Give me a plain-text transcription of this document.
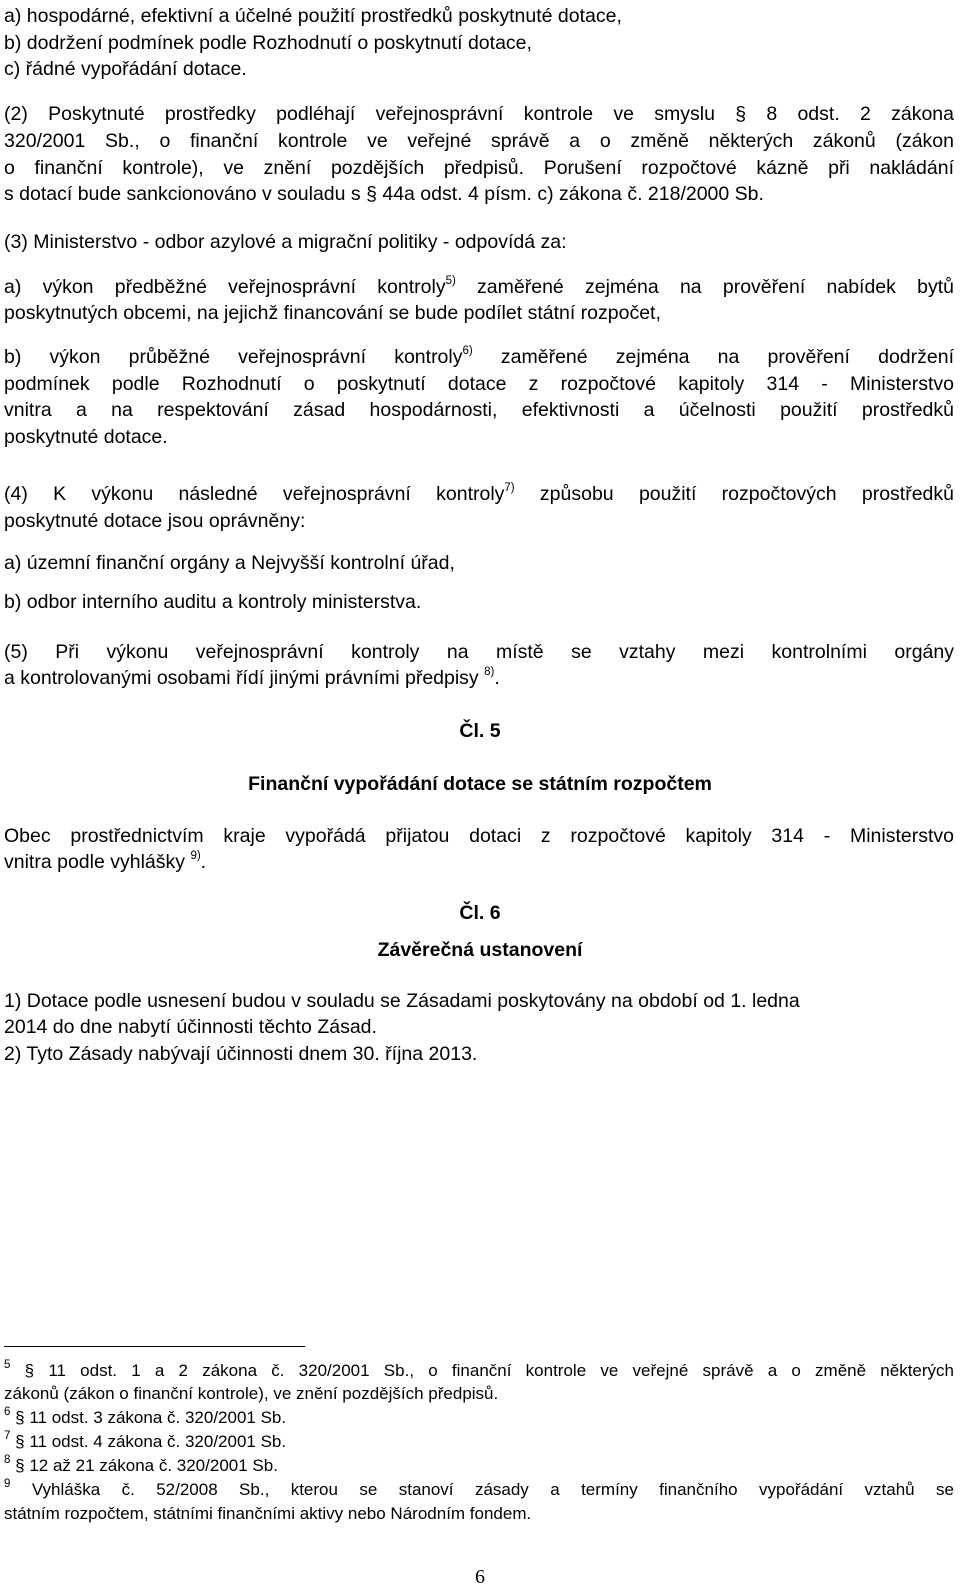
a) hospodárné, efektivní a účelné použití prostředků poskytnuté dotace,
b) dodržení podmínek podle Rozhodnutí o poskytnutí dotace,
c) řádné vypořádání dotace.
(2) Poskytnuté prostředky podléhají veřejnosprávní kontrole ve smyslu § 8 odst. 2 zákona
320/2001 Sb., o finanční kontrole ve veřejné správě a o změně některých zákonů (zákon
o finanční kontrole), ve znění pozdějších předpisů. Porušení rozpočtové kázně při nakládání
s dotací bude sankcionováno v souladu s § 44a odst. 4 písm. c) zákona č. 218/2000 Sb.
(3) Ministerstvo - odbor azylové a migrační politiky - odpovídá za:
a) výkon předběžné veřejnosprávní kontroly$^{5)}$ zaměřené zejména na prověření nabídek bytů
poskytnutých obcemi, na jejichž financování se bude podílet státní rozpočet,
b) výkon průběžné veřejnosprávní kontroly$^{6)}$ zaměřené zejména na prověření dodržení
podmínek podle Rozhodnutí o poskytnutí dotace z rozpočtové kapitoly 314 - Ministerstvo
vnitra a na respektování zásad hospodárnosti, efektivnosti a účelnosti použití prostředků
poskytnuté dotace.
(4) K výkonu následné veřejnosprávní kontroly$^{7)}$ způsobu použití rozpočtových prostředků
poskytnuté dotace jsou oprávněny:
a) územní finanční orgány a Nejvyšší kontrolní úřad,
b) odbor interního auditu a kontroly ministerstva.
(5) Při výkonu veřejnosprávní kontroly na místě se vztahy mezi kontrolními orgány
a kontrolovanými osobami řídí jinými právními předpisy $^{8)}$.
Čl. 5
Finanční vypořádání dotace se státním rozpočtem
Obec prostřednictvím kraje vypořádá přijatou dotaci z rozpočtové kapitoly 314 - Ministerstvo
vnitra podle vyhlášky $^{9)}$.
Čl. 6
Závěrečná ustanovení
1) Dotace podle usnesení budou v souladu se Zásadami poskytovány na období od 1. ledna
2014 do dne nabytí účinnosti těchto Zásad.
2) Tyto Zásady nabývají účinnosti dnem 30. října 2013.
$^5$ § 11 odst. 1 a 2 zákona č. 320/2001 Sb., o finanční kontrole ve veřejné správě a o změně některých
zákonů (zákon o finanční kontrole), ve znění pozdějších předpisů.
$^6$ § 11 odst. 3 zákona č. 320/2001 Sb.
$^7$ § 11 odst. 4 zákona č. 320/2001 Sb.
$^8$ § 12 až 21 zákona č. 320/2001 Sb.
$^9$ Vyhláška č. 52/2008 Sb., kterou se stanoví zásady a termíny finančního vypořádání vztahů se
státním rozpočtem, státními finančními aktivy nebo Národním fondem.
6
